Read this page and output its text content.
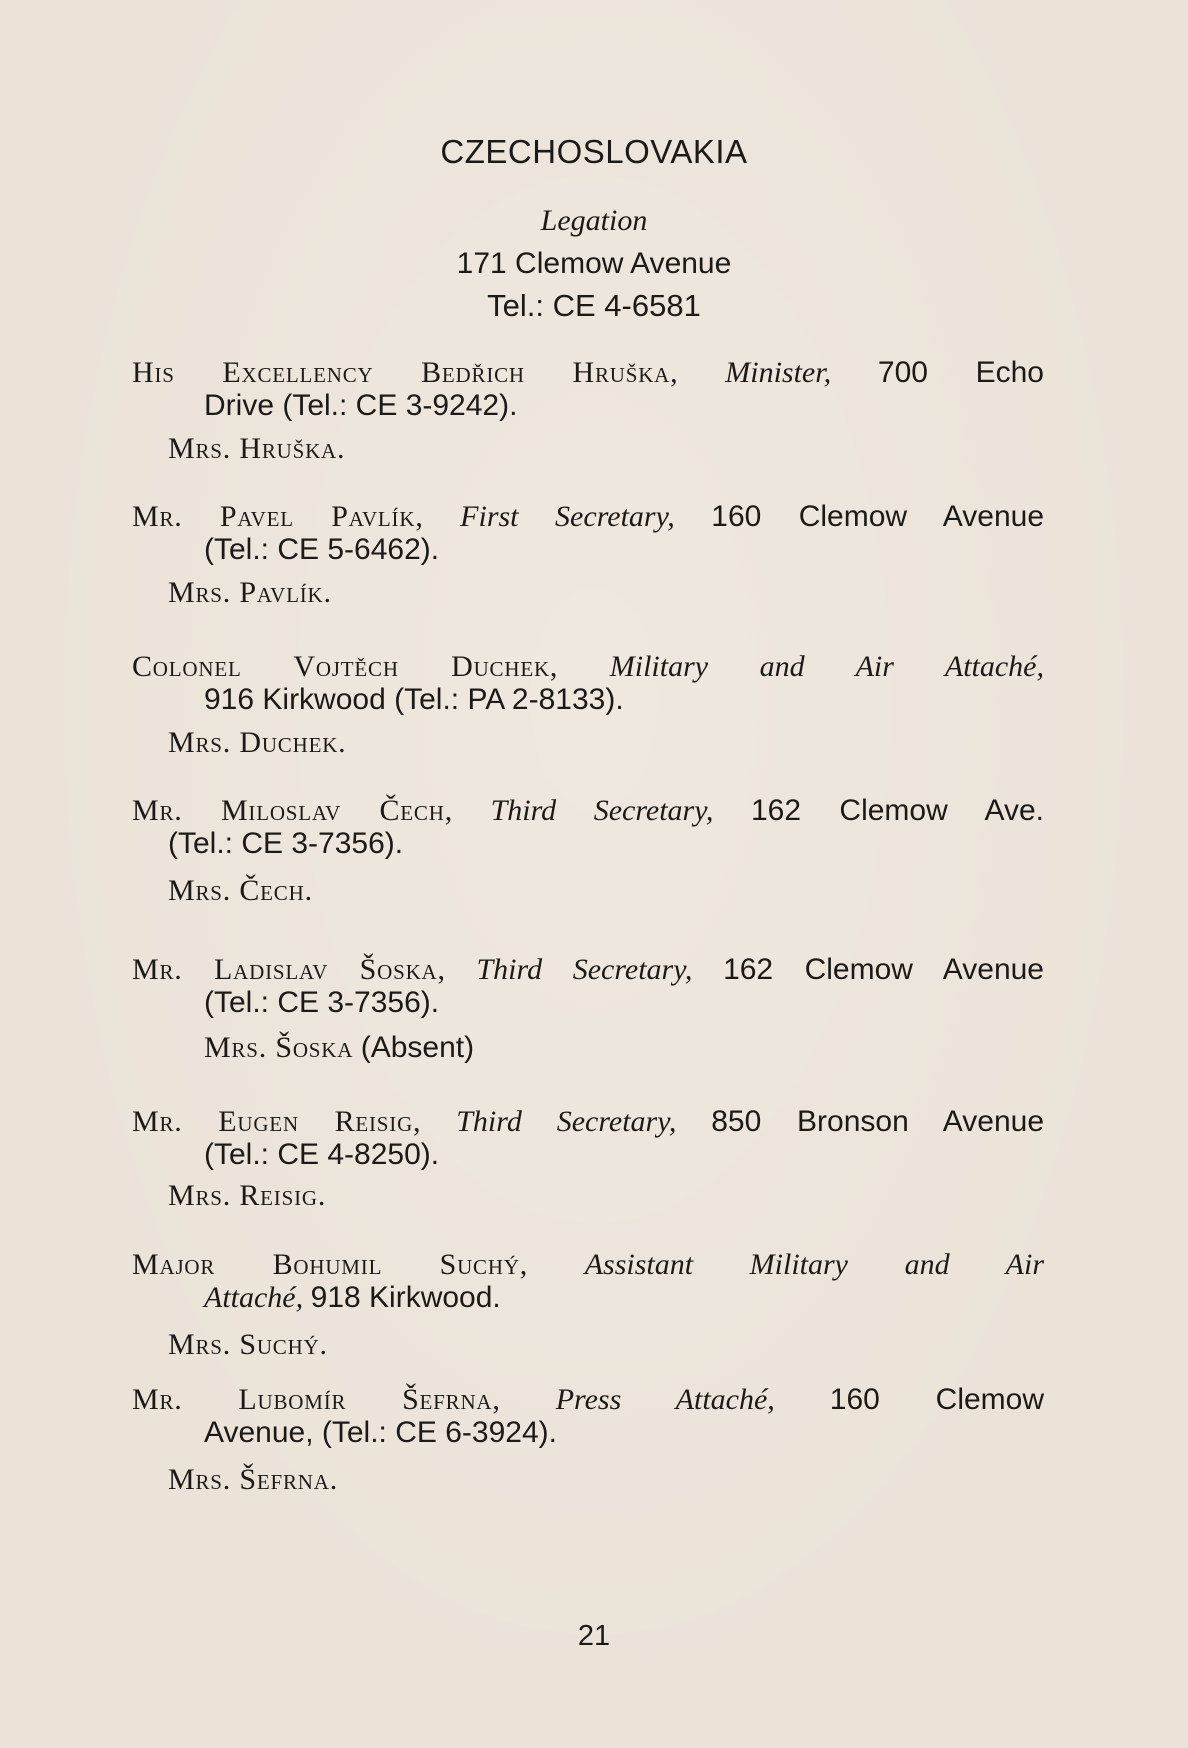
CZECHOSLOVAKIA
Legation
171 Clemow Avenue
Tel.: CE 4-6581
His Excellency Bedřich Hruška, Minister, 700 Echo
Drive (Tel.: CE 3-9242).
Mrs. Hruška.
Mr. Pavel Pavlík, First Secretary, 160 Clemow Avenue
(Tel.: CE 5-6462).
Mrs. Pavlík.
Colonel Vojtěch Duchek, Military and Air Attaché,
916 Kirkwood (Tel.: PA 2-8133).
Mrs. Duchek.
Mr. Miloslav Čech, Third Secretary, 162 Clemow Ave.
(Tel.: CE 3-7356).
Mrs. Čech.
Mr. Ladislav Šoska, Third Secretary, 162 Clemow Avenue
(Tel.: CE 3-7356).
Mrs. Šoska (Absent)
Mr. Eugen Reisig, Third Secretary, 850 Bronson Avenue
(Tel.: CE 4-8250).
Mrs. Reisig.
Major Bohumil Suchý, Assistant Military and Air
Attaché, 918 Kirkwood.
Mrs. Suchý.
Mr. Lubomír Šefrna, Press Attaché, 160 Clemow
Avenue, (Tel.: CE 6-3924).
Mrs. Šefrna.
21
